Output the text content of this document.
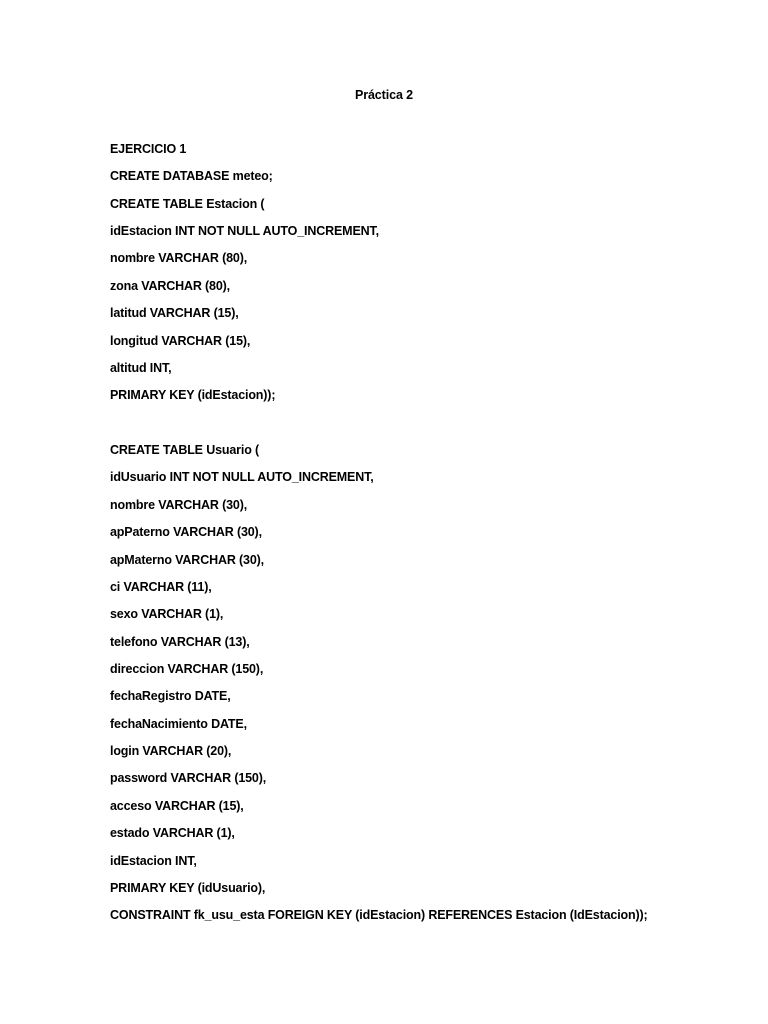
Práctica 2
EJERCICIO 1
CREATE DATABASE meteo;
CREATE TABLE Estacion (
idEstacion INT NOT NULL AUTO_INCREMENT,
nombre VARCHAR (80),
zona VARCHAR (80),
latitud VARCHAR (15),
longitud VARCHAR (15),
altitud INT,
PRIMARY KEY (idEstacion));
CREATE TABLE Usuario (
idUsuario INT NOT NULL AUTO_INCREMENT,
nombre VARCHAR (30),
apPaterno VARCHAR (30),
apMaterno VARCHAR (30),
ci VARCHAR (11),
sexo VARCHAR (1),
telefono VARCHAR (13),
direccion VARCHAR (150),
fechaRegistro DATE,
fechaNacimiento DATE,
login VARCHAR (20),
password VARCHAR (150),
acceso VARCHAR (15),
estado VARCHAR (1),
idEstacion INT,
PRIMARY KEY (idUsuario),
CONSTRAINT fk_usu_esta FOREIGN KEY (idEstacion) REFERENCES Estacion (IdEstacion));
